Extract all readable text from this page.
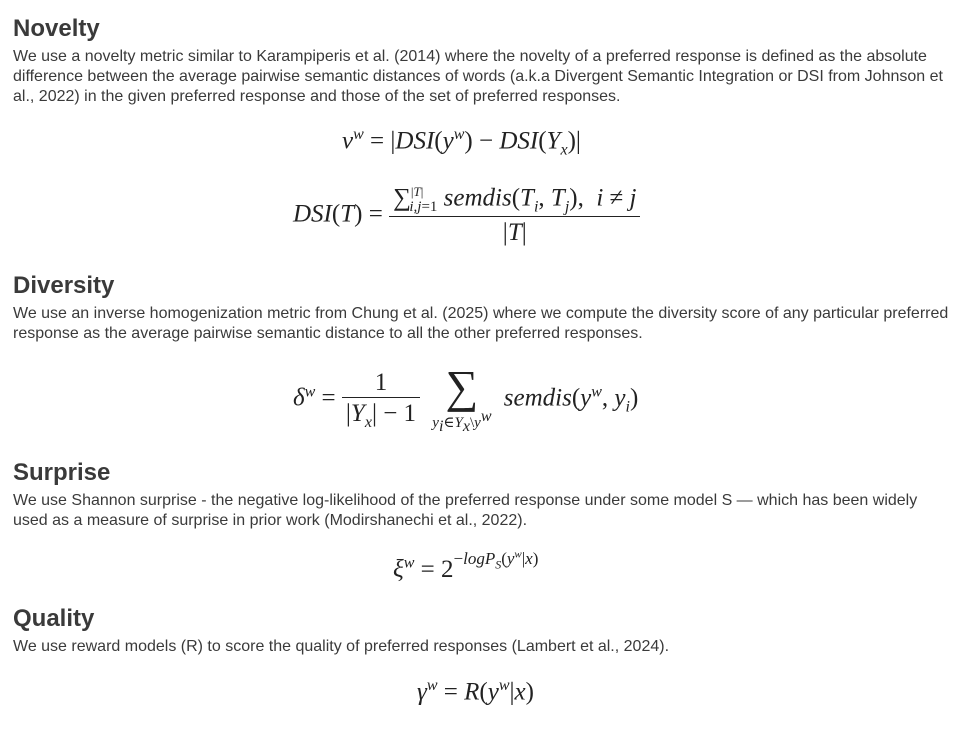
Novelty

We use a novelty metric similar to Karampiperis et al. (2014) where the novelty of a preferred response is defined as the absolute difference between the average pairwise semantic distances of words (a.k.a Divergent Semantic Integration or DSI from Johnson et al., 2022) in the given preferred response and those of the set of preferred responses.

$\nu^w = |DSI(y^w) - DSI(Y_x)|$
$DSI(T) = \frac{\sum^{|T|}_{i,j=1} semdis(T_i, T_j), i \ne j}{|T|}$
Diversity

We use an inverse homogenization metric from Chung et al. (2025) where we compute the diversity score of any particular preferred response as the average pairwise semantic distance to all the other preferred responses.

$\delta^w = \frac{1}{|Y_x| - 1}$
∑
$y_i\in Y_x\backslash y^w$
$semdis(y^w$, $y_i$)
Surprise

We use Shannon surprise - the negative log-likelihood of the preferred response under some model S — which has been widely used as a measure of surprise in prior work (Modirshanechi et al., 2022).

$\xi^w = 2^{-logP_S(y^w|x)}$
Quality

We use reward models (R) to score the quality of preferred responses (Lambert et al., 2024).

$\gamma^w = R(y^w|x)$
